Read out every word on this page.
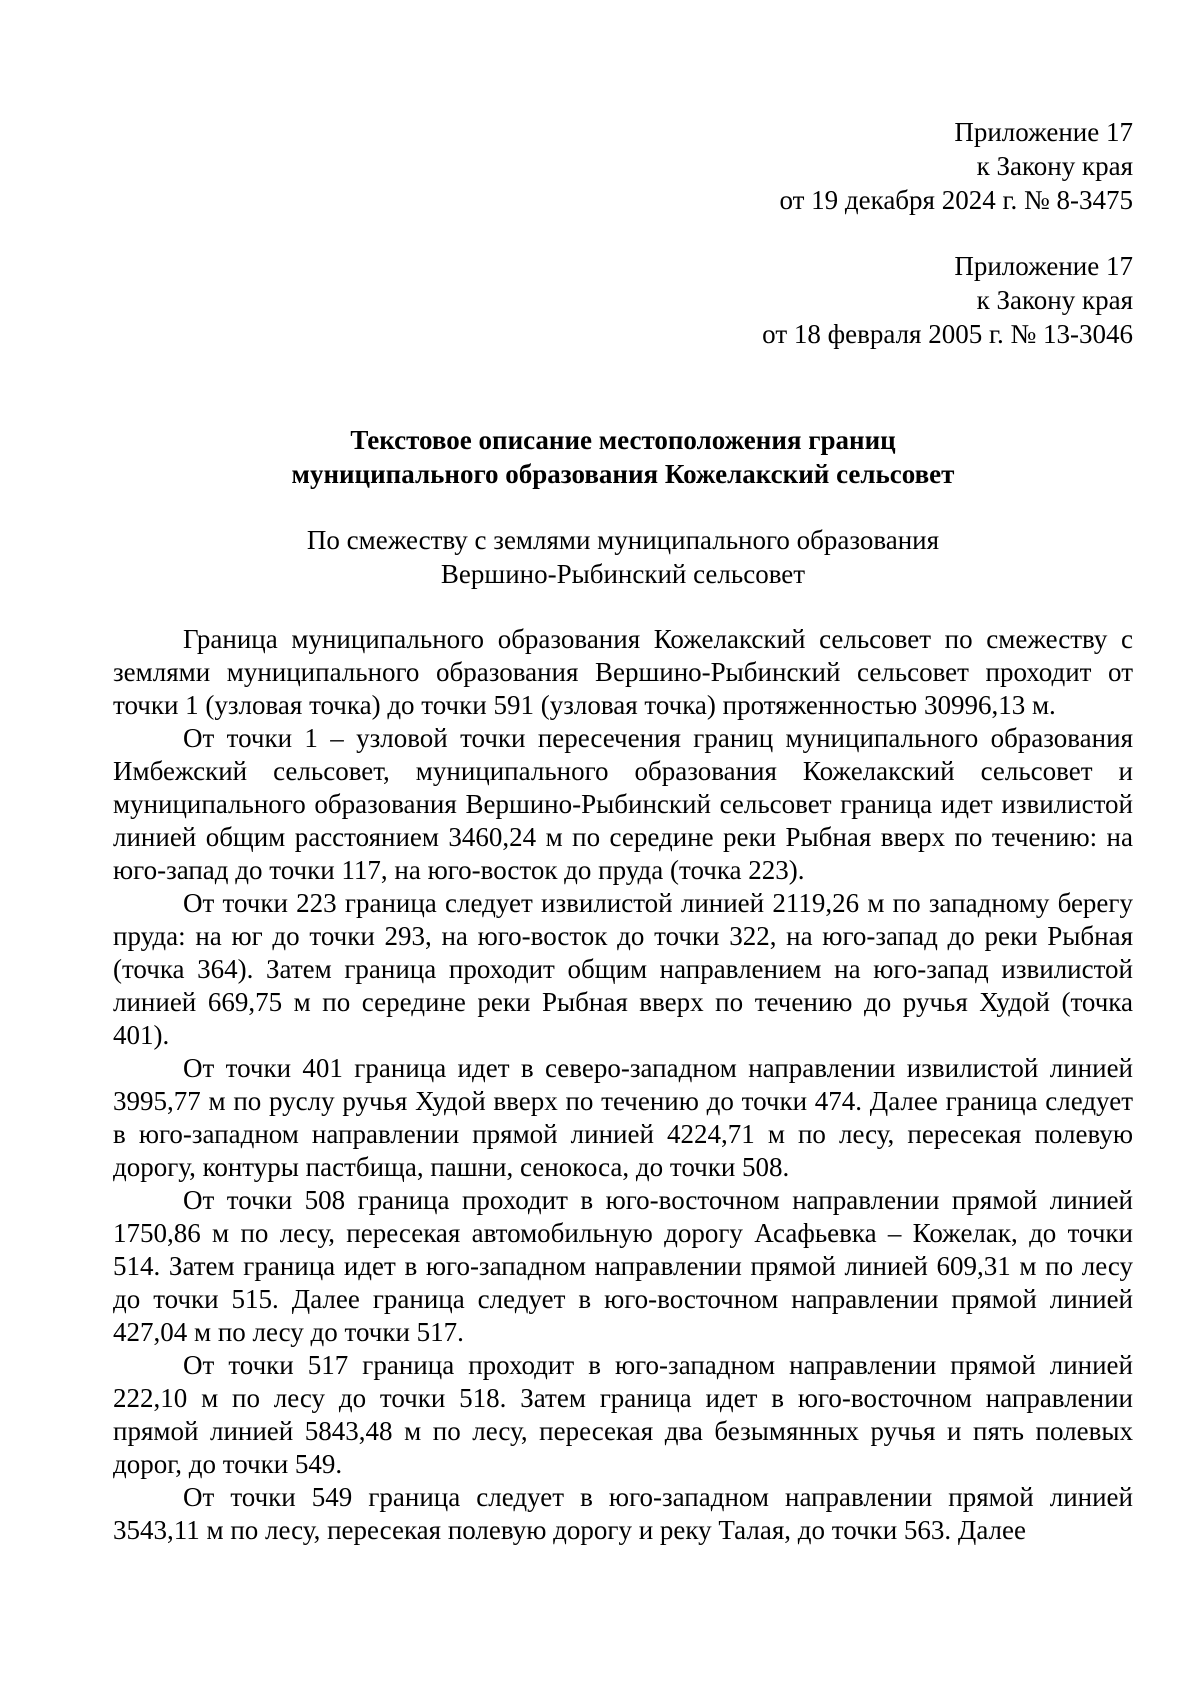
Приложение 17
к Закону края
от 19 декабря 2024 г. № 8-3475
Приложение 17
к Закону края
от 18 февраля 2005 г. № 13-3046
Текстовое описание местоположения границ
муниципального образования Кожелакский сельсовет
По смежеству с землями муниципального образования
Вершино-Рыбинский сельсовет

Граница муниципального образования Кожелакский сельсовет по смежеству с землями муниципального образования Вершино-Рыбинский сельсовет проходит от точки 1 (узловая точка) до точки 591 (узловая точка) протяженностью 30996,13 м.

От точки 1 – узловой точки пересечения границ муниципального образования Имбежский сельсовет, муниципального образования Кожелакский сельсовет и муниципального образования Вершино-Рыбинский сельсовет граница идет извилистой линией общим расстоянием 3460,24 м по середине реки Рыбная вверх по течению: на юго-запад до точки 117, на юго-восток до пруда (точка 223).

От точки 223 граница следует извилистой линией 2119,26 м по западному берегу пруда: на юг до точки 293, на юго-восток до точки 322, на юго-запад до реки Рыбная (точка 364). Затем граница проходит общим направлением на юго-запад извилистой линией 669,75 м по середине реки Рыбная вверх по течению до ручья Худой (точка 401).

От точки 401 граница идет в северо-западном направлении извилистой линией 3995,77 м по руслу ручья Худой вверх по течению до точки 474. Далее граница следует в юго-западном направлении прямой линией 4224,71 м по лесу, пересекая полевую дорогу, контуры пастбища, пашни, сенокоса, до точки 508.

От точки 508 граница проходит в юго-восточном направлении прямой линией 1750,86 м по лесу, пересекая автомобильную дорогу Асафьевка – Кожелак, до точки 514. Затем граница идет в юго-западном направлении прямой линией 609,31 м по лесу до точки 515. Далее граница следует в юго-восточном направлении прямой линией 427,04 м по лесу до точки 517.

От точки 517 граница проходит в юго-западном направлении прямой линией 222,10 м по лесу до точки 518. Затем граница идет в юго-восточном направлении прямой линией 5843,48 м по лесу, пересекая два безымянных ручья и пять полевых дорог, до точки 549.

От точки 549 граница следует в юго-западном направлении прямой линией 3543,11 м по лесу, пересекая полевую дорогу и реку Талая, до точки 563. Далее
